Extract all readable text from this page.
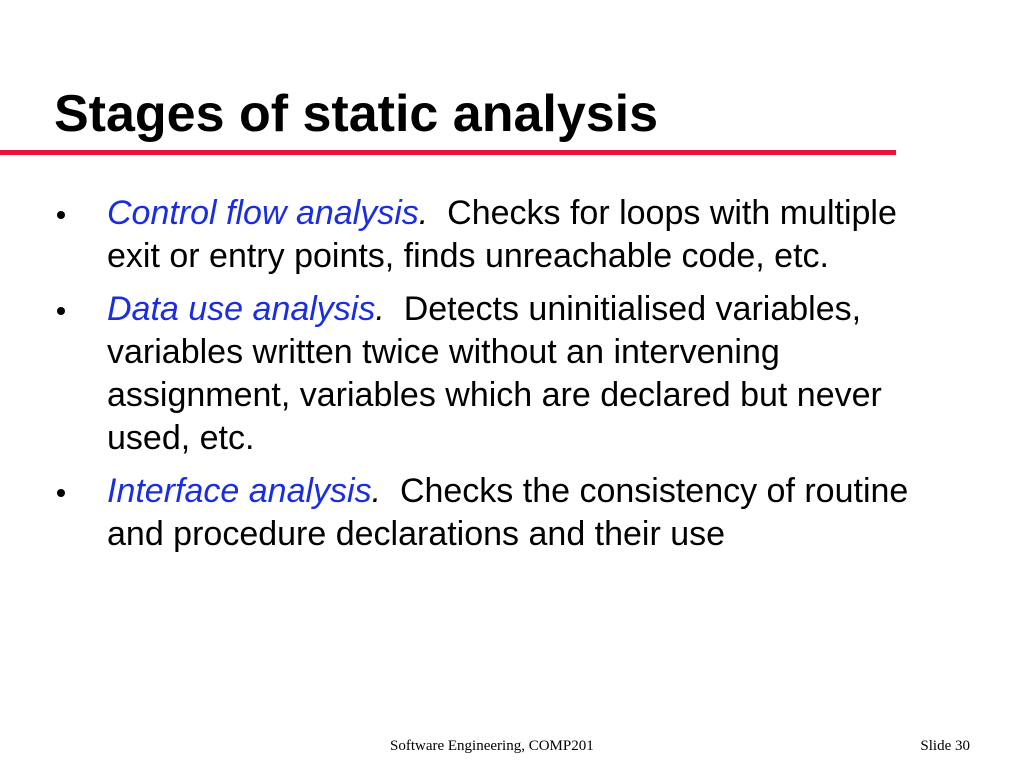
Stages of static analysis
Control flow analysis.  Checks for loops with multiple exit or entry points, finds unreachable code, etc.
Data use analysis.  Detects uninitialised variables, variables written twice without an intervening assignment, variables which are declared but never used, etc.
Interface analysis.  Checks the consistency of routine and procedure declarations and their use
Software Engineering, COMP201	Slide 30
